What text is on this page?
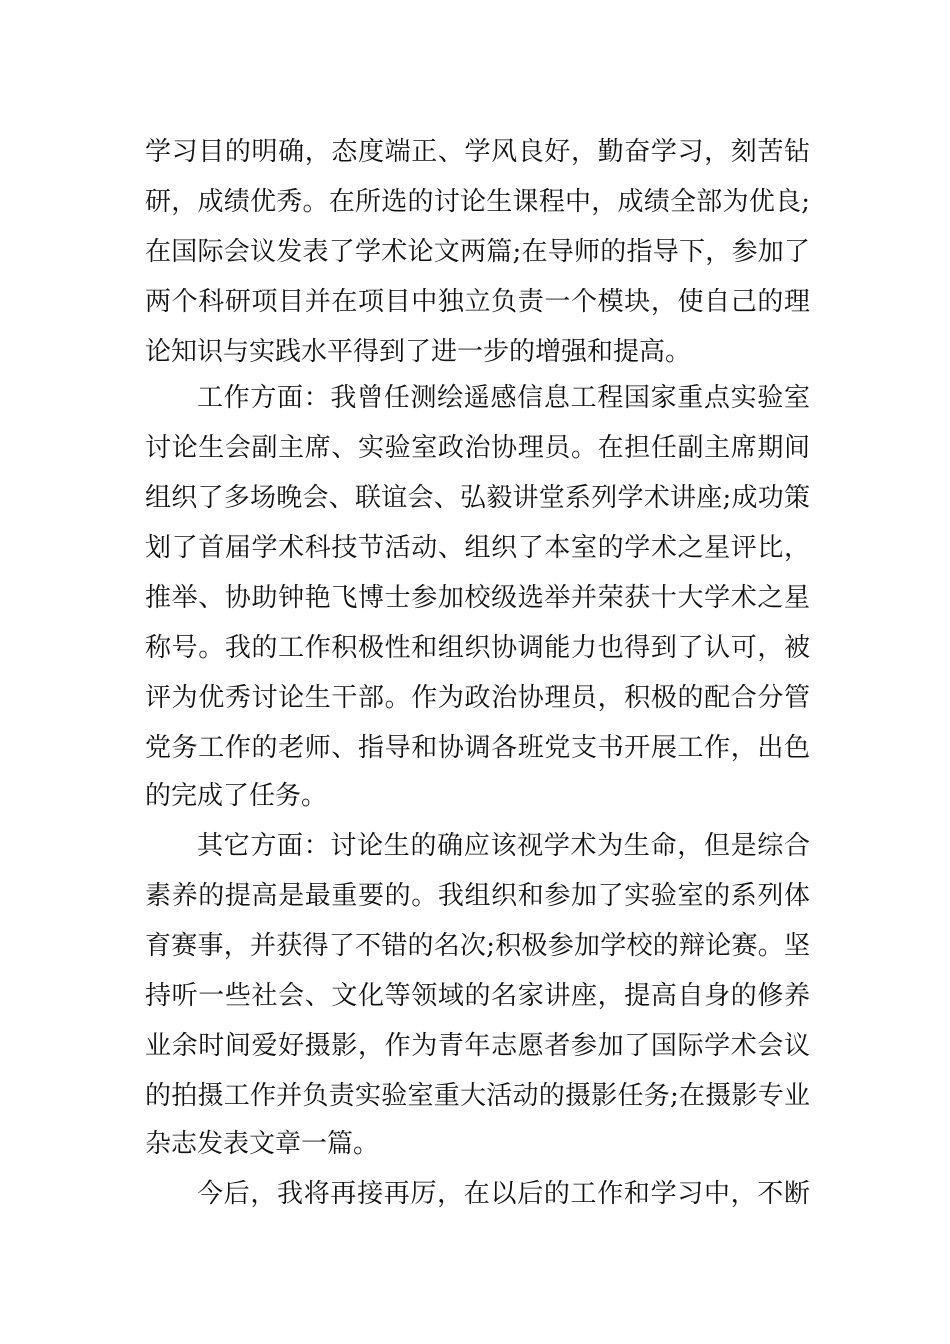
学习目的明确，态度端正、学风良好，勤奋学习，刻苦钻
研，成绩优秀。在所选的讨论生课程中，成绩全部为优良;
在国际会议发表了学术论文两篇;在导师的指导下，参加了
两个科研项目并在项目中独立负责一个模块，使自己的理
论知识与实践水平得到了进一步的增强和提高。
工作方面：我曾任测绘遥感信息工程国家重点实验室
讨论生会副主席、实验室政治协理员。在担任副主席期间
组织了多场晚会、联谊会、弘毅讲堂系列学术讲座;成功策
划了首届学术科技节活动、组织了本室的学术之星评比，
推举、协助钟艳飞博士参加校级选举并荣获十大学术之星
称号。我的工作积极性和组织协调能力也得到了认可，被
评为优秀讨论生干部。作为政治协理员，积极的配合分管
党务工作的老师、指导和协调各班党支书开展工作，出色
的完成了任务。
其它方面：讨论生的确应该视学术为生命，但是综合
素养的提高是最重要的。我组织和参加了实验室的系列体
育赛事，并获得了不错的名次;积极参加学校的辩论赛。坚
持听一些社会、文化等领域的名家讲座，提高自身的修养
业余时间爱好摄影，作为青年志愿者参加了国际学术会议
的拍摄工作并负责实验室重大活动的摄影任务;在摄影专业
杂志发表文章一篇。
今后，我将再接再厉，在以后的工作和学习中，不断
